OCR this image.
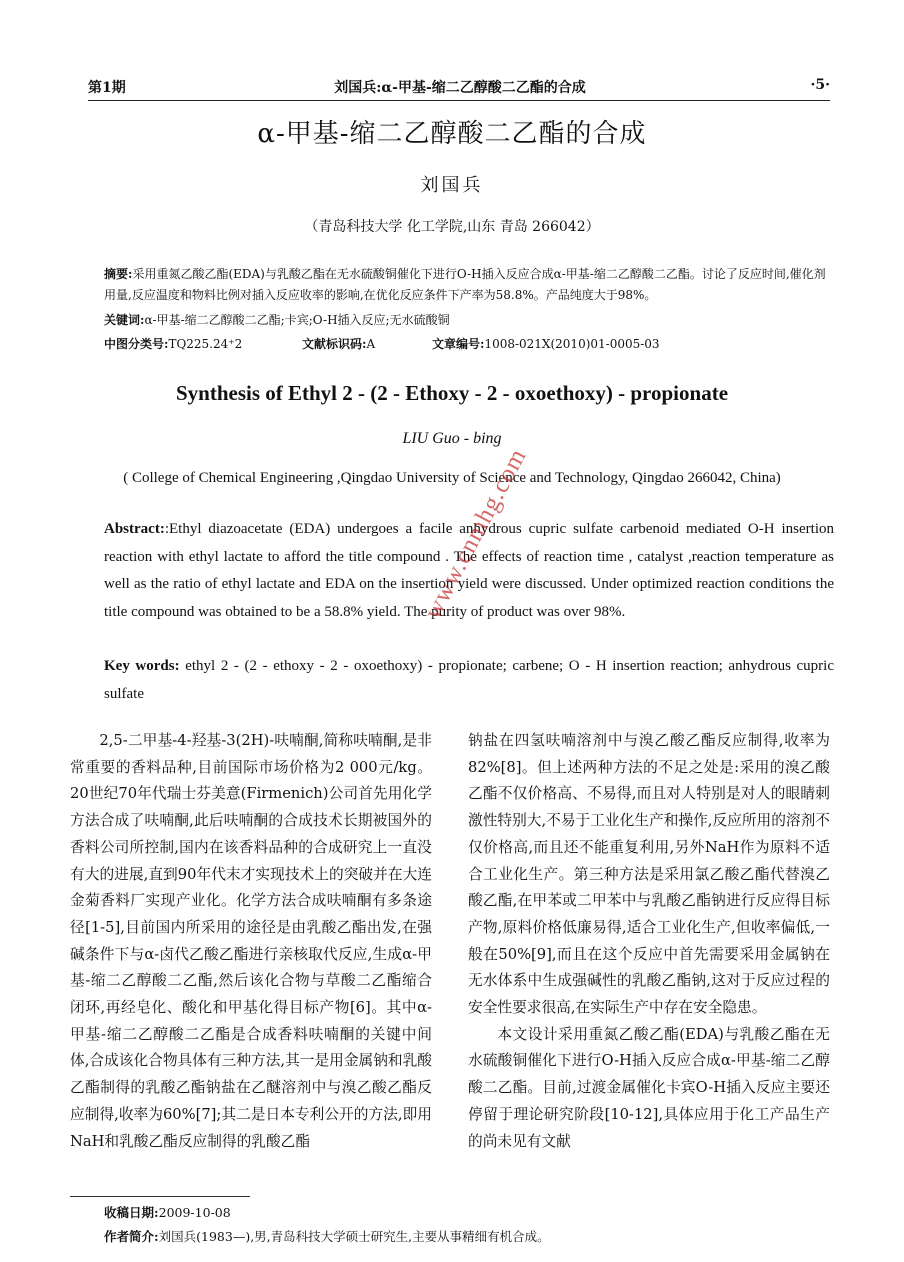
第1期	刘国兵:α-甲基-缩二乙醇酸二乙酯的合成	·5·
α-甲基-缩二乙醇酸二乙酯的合成
刘国兵
（青岛科技大学 化工学院,山东 青岛 266042）
摘要:采用重氮乙酸乙酯(EDA)与乳酸乙酯在无水硫酸铜催化下进行O-H插入反应合成α-甲基-缩二乙醇酸二乙酯。讨论了反应时间,催化剂用量,反应温度和物料比例对插入反应收率的影响,在优化反应条件下产率为58.8%。产品纯度大于98%。
关键词:α-甲基-缩二乙醇酸二乙酯;卡宾;O-H插入反应;无水硫酸铜
中图分类号:TQ225.24⁺2	文献标识码:A	文章编号:1008-021X(2010)01-0005-03
Synthesis of Ethyl 2 - (2 - Ethoxy - 2 - oxoethoxy) - propionate
LIU Guo - bing
( College of Chemical Engineering ,Qingdao University of Science and Technology, Qingdao 266042, China)
Abstract::Ethyl diazoacetate (EDA) undergoes a facile anhydrous cupric sulfate carbenoid mediated O-H insertion reaction with ethyl lactate to afford the title compound . The effects of reaction time , catalyst ,reaction temperature as well as the ratio of ethyl lactate and EDA on the insertion yield were discussed. Under optimized reaction conditions the title compound was obtained to be a 58.8% yield. The purity of product was over 98%.
Key words: ethyl 2 - (2 - ethoxy - 2 - oxoethoxy) - propionate; carbene; O - H insertion reaction; anhydrous cupric sulfate

2,5-二甲基-4-羟基-3(2H)-呋喃酮,简称呋喃酮,是非常重要的香料品种,目前国际市场价格为2 000元/kg。20世纪70年代瑞士芬美意(Firmenich)公司首先用化学方法合成了呋喃酮,此后呋喃酮的合成技术长期被国外的香料公司所控制,国内在该香料品种的合成研究上一直没有大的进展,直到90年代末才实现技术上的突破并在大连金菊香料厂实现产业化。化学方法合成呋喃酮有多条途径[1-5],目前国内所采用的途径是由乳酸乙酯出发,在强碱条件下与α-卤代乙酸乙酯进行亲核取代反应,生成α-甲基-缩二乙醇酸二乙酯,然后该化合物与草酸二乙酯缩合闭环,再经皂化、酸化和甲基化得目标产物[6]。其中α-甲基-缩二乙醇酸二乙酯是合成香料呋喃酮的关键中间体,合成该化合物具体有三种方法,其一是用金属钠和乳酸乙酯制得的乳酸乙酯钠盐在乙醚溶剂中与溴乙酸乙酯反应制得,收率为60%[7];其二是日本专利公开的方法,即用NaH和乳酸乙酯反应制得的乳酸乙酯

钠盐在四氢呋喃溶剂中与溴乙酸乙酯反应制得,收率为82%[8]。但上述两种方法的不足之处是:采用的溴乙酸乙酯不仅价格高、不易得,而且对人特别是对人的眼睛刺激性特别大,不易于工业化生产和操作,反应所用的溶剂不仅价格高,而且还不能重复利用,另外NaH作为原料不适合工业化生产。第三种方法是采用氯乙酸乙酯代替溴乙酸乙酯,在甲苯或二甲苯中与乳酸乙酯钠进行反应得目标产物,原料价格低廉易得,适合工业化生产,但收率偏低,一般在50%[9],而且在这个反应中首先需要采用金属钠在无水体系中生成强碱性的乳酸乙酯钠,这对于反应过程的安全性要求很高,在实际生产中存在安全隐患。

本文设计采用重氮乙酸乙酯(EDA)与乳酸乙酯在无水硫酸铜催化下进行O-H插入反应合成α-甲基-缩二乙醇酸二乙酯。目前,过渡金属催化卡宾O-H插入反应主要还停留于理论研究阶段[10-12],具体应用于化工产品生产的尚未见有文献

收稿日期:2009-10-08
作者简介:刘国兵(1983—),男,青岛科技大学硕士研究生,主要从事精细有机合成。
www.cnmhg.com
